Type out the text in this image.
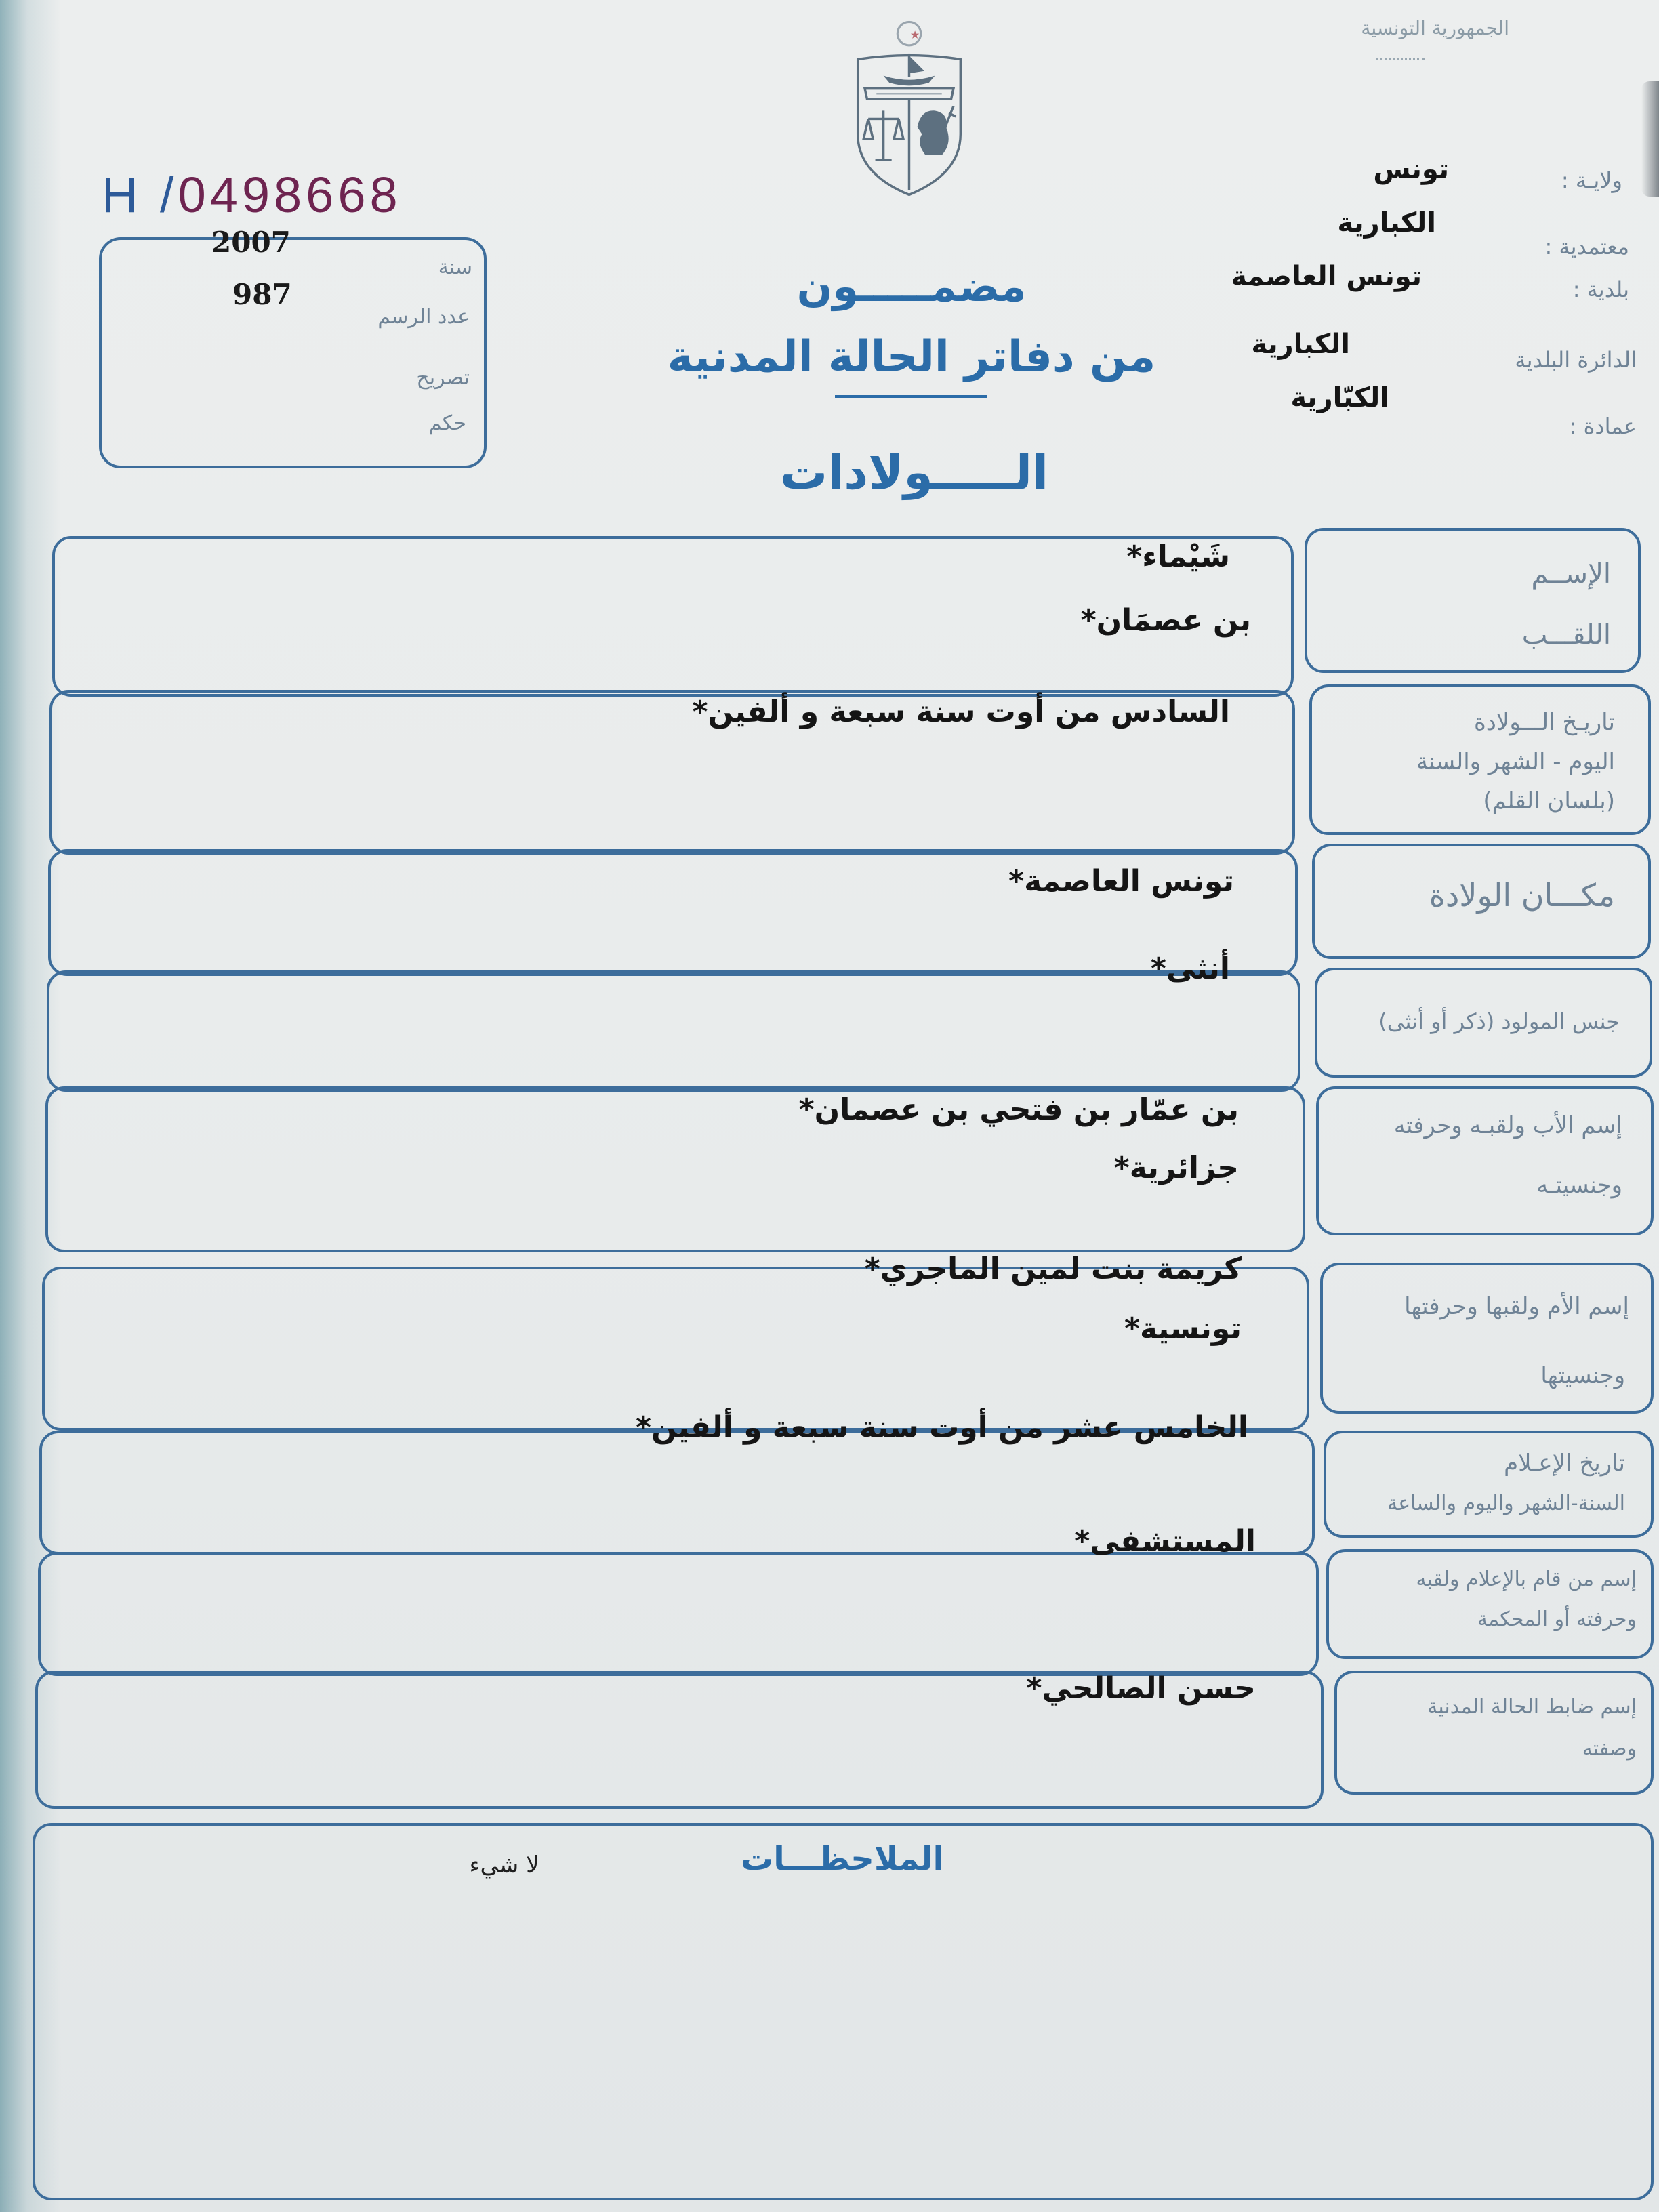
الجمهورية التونسية
H /0498668
2007
سنة
987
عدد الرسم
تصريح
حكم
ولايـة :
تونس
الكبارية
معتمدية :
بلدية :
تونس العاصمة
الدائرة البلدية
الكبارية
الكبّارية
عمادة :
مضمـــــون
من دفاتر الحالة المدنية
الـــــولادات
الإســم
اللقـــب
شَيْماء*
بن عصمَان*
تاريـخ الـــولادة
اليوم - الشهر والسنة
(بلسان القلم)
السادس من أوت سنة سبعة و ألفين*
مكـــان الولادة
تونس العاصمة*
جنس المولود (ذكر أو أنثى)
أنثى*
إسم الأب ولقبـه وحرفته
وجنسيتـه
بن عمّار بن فتحي بن عصمان*
جزائرية*
إسم الأم ولقبها وحرفتها
وجنسيتها
كريمة بنت لمين الماجري*
تونسية*
تاريخ الإعـلام
السنة-الشهر واليوم والساعة
الخامس عشر من أوت سنة سبعة و ألفين*
إسم من قام بالإعلام ولقبه
وحرفته أو المحكمة
المستشفى*
إسم ضابط الحالة المدنية
وصفته
حسن الصالحي*
الملاحظـــات
لا شيء
